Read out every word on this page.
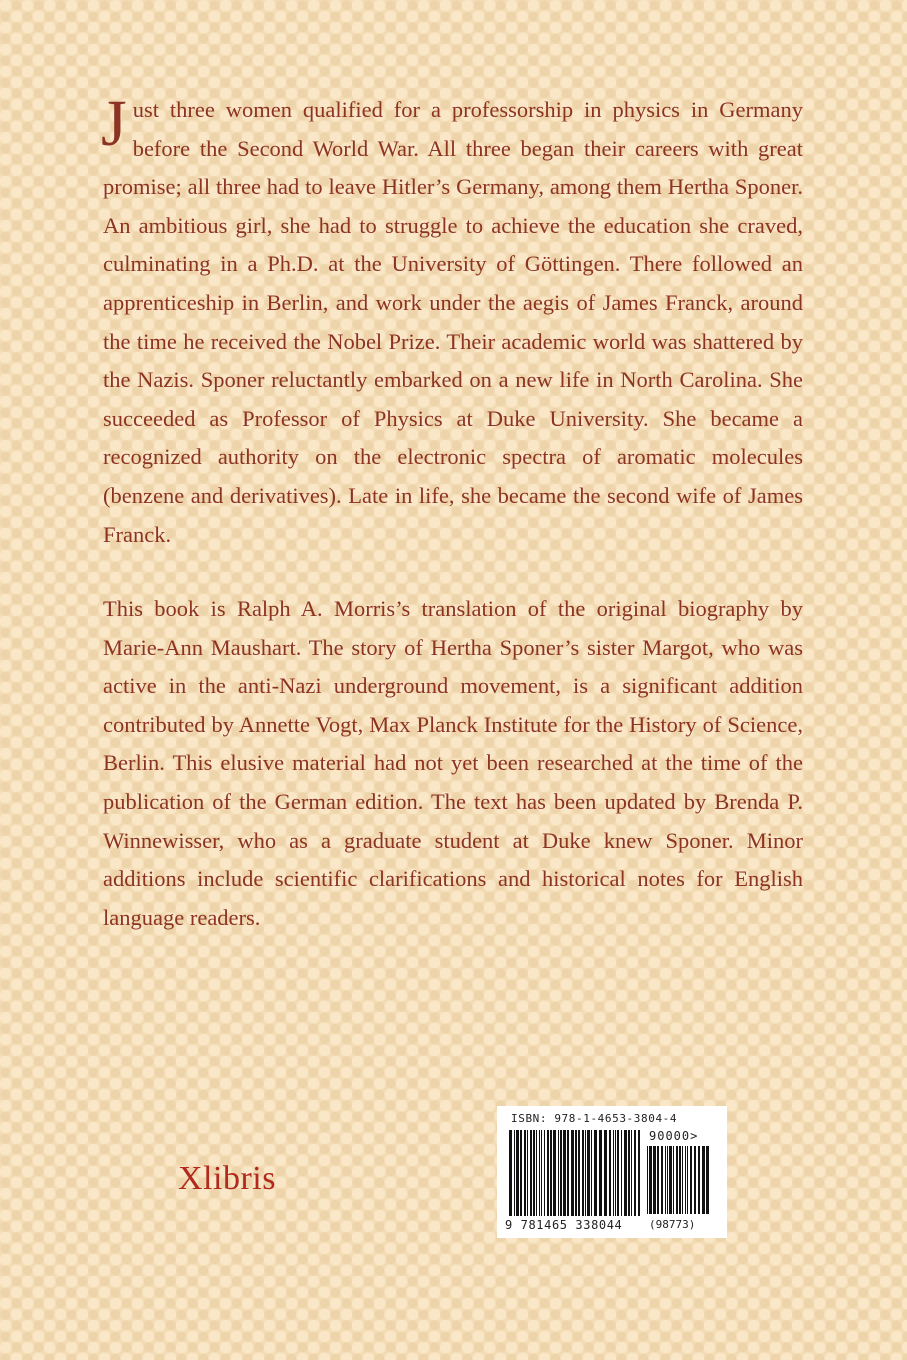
Just three women qualified for a professorship in physics in Germany before the Second World War. All three began their careers with great promise; all three had to leave Hitler’s Germany, among them Hertha Sponer. An ambitious girl, she had to struggle to achieve the education she craved, culminating in a Ph.D. at the University of Göttingen. There followed an apprenticeship in Berlin, and work under the aegis of James Franck, around the time he received the Nobel Prize. Their academic world was shattered by the Nazis. Sponer reluctantly embarked on a new life in North Carolina. She succeeded as Professor of Physics at Duke University. She became a recognized authority on the electronic spectra of aromatic molecules (benzene and derivatives). Late in life, she became the second wife of James Franck.

This book is Ralph A. Morris’s translation of the original biography by Marie-Ann Maushart. The story of Hertha Sponer’s sister Margot, who was active in the anti-Nazi underground movement, is a significant addition contributed by Annette Vogt, Max Planck Institute for the History of Science, Berlin. This elusive material had not yet been researched at the time of the publication of the German edition. The text has been updated by Brenda P. Winnewisser, who as a graduate student at Duke knew Sponer. Minor additions include scientific clarifications and historical notes for English language readers.

Xlibris
ISBN: 978-1-4653-3804-4
90000>
9 781465 338044 (98773)
